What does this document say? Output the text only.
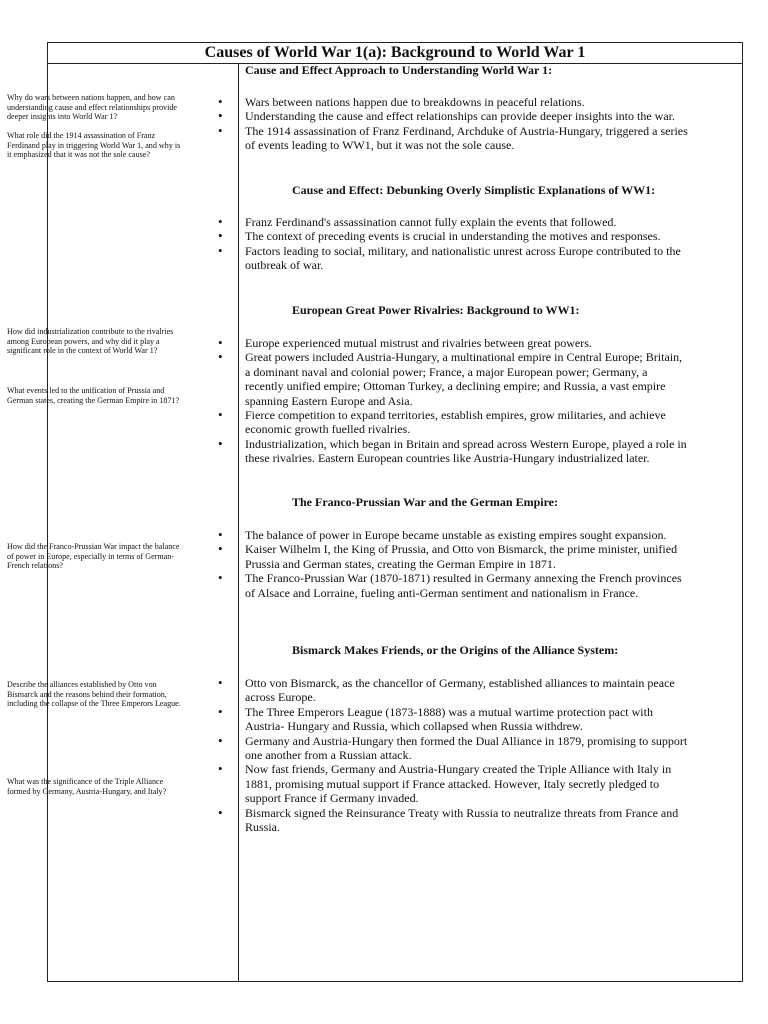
Causes of World War 1(a): Background to World War 1
Why do wars between nations happen, and how can understanding cause and effect relationships provide deeper insights into World War 1?
What role did the 1914 assassination of Franz Ferdinand play in triggering World War 1, and why is it emphasized that it was not the sole cause?
How did industrialization contribute to the rivalries among European powers, and why did it play a significant role in the context of World War 1?
What events led to the unification of Prussia and German states, creating the German Empire in 1871?
How did the Franco-Prussian War impact the balance of power in Europe, especially in terms of German-French relations?
Describe the alliances established by Otto von Bismarck and the reasons behind their formation, including the collapse of the Three Emperors League.
What was the significance of the Triple Alliance formed by Germany, Austria-Hungary, and Italy?
Cause and Effect Approach to Understanding World War 1:
• Wars between nations happen due to breakdowns in peaceful relations.
• Understanding the cause and effect relationships can provide deeper insights into the war.
• The 1914 assassination of Franz Ferdinand, Archduke of Austria-Hungary, triggered a series of events leading to WW1, but it was not the sole cause.
Cause and Effect: Debunking Overly Simplistic Explanations of WW1:
• Franz Ferdinand's assassination cannot fully explain the events that followed.
• The context of preceding events is crucial in understanding the motives and responses.
• Factors leading to social, military, and nationalistic unrest across Europe contributed to the outbreak of war.
European Great Power Rivalries: Background to WW1:
• Europe experienced mutual mistrust and rivalries between great powers.
• Great powers included Austria-Hungary, a multinational empire in Central Europe; Britain, a dominant naval and colonial power; France, a major European power; Germany, a recently unified empire; Ottoman Turkey, a declining empire; and Russia, a vast empire spanning Eastern Europe and Asia.
• Fierce competition to expand territories, establish empires, grow militaries, and achieve economic growth fuelled rivalries.
• Industrialization, which began in Britain and spread across Western Europe, played a role in these rivalries. Eastern European countries like Austria-Hungary industrialized later.
The Franco-Prussian War and the German Empire:
• The balance of power in Europe became unstable as existing empires sought expansion.
• Kaiser Wilhelm I, the King of Prussia, and Otto von Bismarck, the prime minister, unified Prussia and German states, creating the German Empire in 1871.
• The Franco-Prussian War (1870-1871) resulted in Germany annexing the French provinces of Alsace and Lorraine, fueling anti-German sentiment and nationalism in France.
Bismarck Makes Friends, or the Origins of the Alliance System:
• Otto von Bismarck, as the chancellor of Germany, established alliances to maintain peace across Europe.
• The Three Emperors League (1873-1888) was a mutual wartime protection pact with Austria- Hungary and Russia, which collapsed when Russia withdrew.
• Germany and Austria-Hungary then formed the Dual Alliance in 1879, promising to support one another from a Russian attack.
• Now fast friends, Germany and Austria-Hungary created the Triple Alliance with Italy in 1881, promising mutual support if France attacked. However, Italy secretly pledged to support France if Germany invaded.
• Bismarck signed the Reinsurance Treaty with Russia to neutralize threats from France and Russia.
